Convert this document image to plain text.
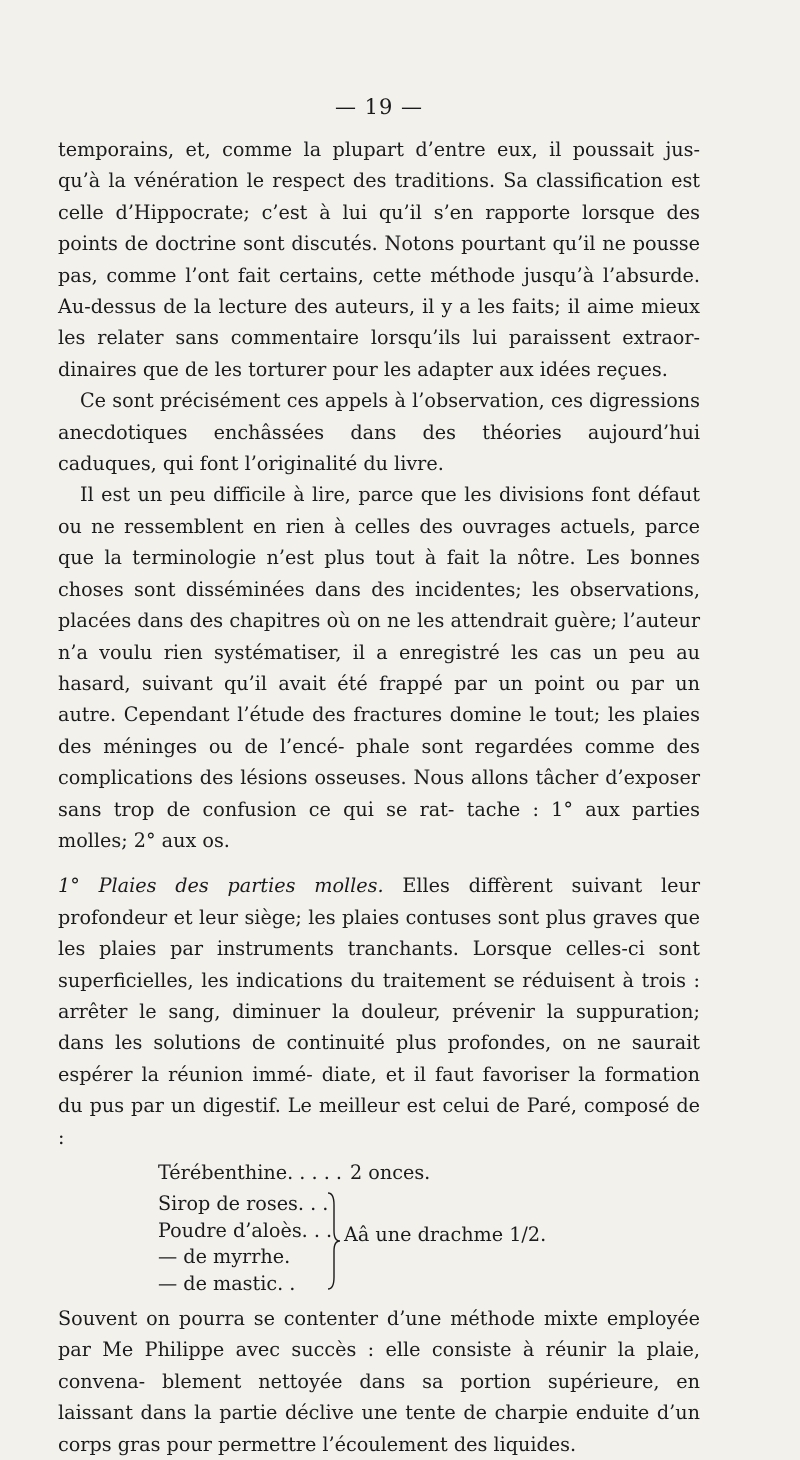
— 19 —

temporains, et, comme la plupart d’entre eux, il poussait jus- qu’à la vénération le respect des traditions. Sa classification est celle d’Hippocrate; c’est à lui qu’il s’en rapporte lorsque des points de doctrine sont discutés. Notons pourtant qu’il ne pousse pas, comme l’ont fait certains, cette méthode jusqu’à l’absurde. Au-dessus de la lecture des auteurs, il y a les faits; il aime mieux les relater sans commentaire lorsqu’ils lui paraissent extraor- dinaires que de les torturer pour les adapter aux idées reçues.

Ce sont précisément ces appels à l’observation, ces digressions anecdotiques enchâssées dans des théories aujourd’hui caduques, qui font l’originalité du livre.

Il est un peu difficile à lire, parce que les divisions font défaut ou ne ressemblent en rien à celles des ouvrages actuels, parce que la terminologie n’est plus tout à fait la nôtre. Les bonnes choses sont disséminées dans des incidentes; les observations, placées dans des chapitres où on ne les attendrait guère; l’auteur n’a voulu rien systématiser, il a enregistré les cas un peu au hasard, suivant qu’il avait été frappé par un point ou par un autre. Cependant l’étude des fractures domine le tout; les plaies des méninges ou de l’encé- phale sont regardées comme des complications des lésions osseuses. Nous allons tâcher d’exposer sans trop de confusion ce qui se rat- tache : 1° aux parties molles; 2° aux os.

1° Plaies des parties molles. Elles diffèrent suivant leur profondeur et leur siège; les plaies contuses sont plus graves que les plaies par instruments tranchants. Lorsque celles-ci sont superficielles, les indications du traitement se réduisent à trois : arrêter le sang, diminuer la douleur, prévenir la suppuration; dans les solutions de continuité plus profondes, on ne saurait espérer la réunion immé- diate, et il faut favoriser la formation du pus par un digestif. Le meilleur est celui de Paré, composé de :

Térébenthine. . . . . 2 onces.
Sirop de roses. . .
Poudre d’aloès. . .
— de myrrhe.
— de mastic. .
Aâ une drachme 1/2.

Souvent on pourra se contenter d’une méthode mixte employée par Me Philippe avec succès : elle consiste à réunir la plaie, convena- blement nettoyée dans sa portion supérieure, en laissant dans la partie déclive une tente de charpie enduite d’un corps gras pour permettre l’écoulement des liquides.
